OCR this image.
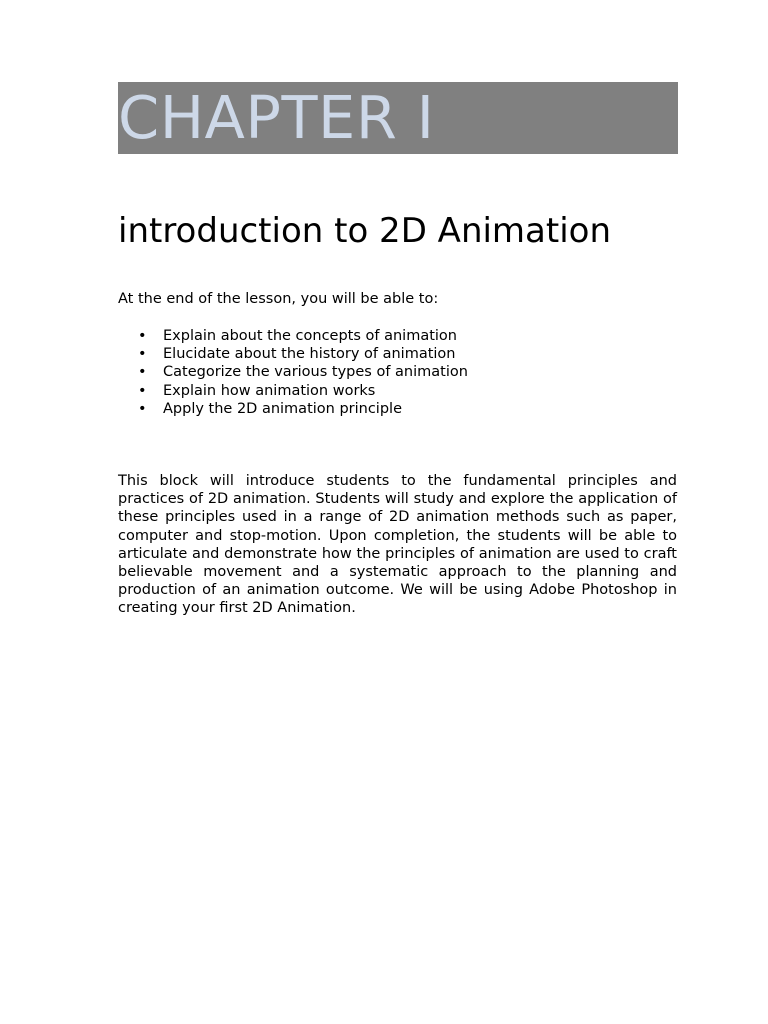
CHAPTER I
introduction to 2D Animation

At the end of the lesson, you will be able to:

• Explain about the concepts of animation
• Elucidate about the history of animation
• Categorize the various types of animation
• Explain how animation works
• Apply the 2D animation principle

This block will introduce students to the fundamental principles and practices of 2D animation. Students will study and explore the application of these principles used in a range of 2D animation methods such as paper, computer and stop-motion. Upon completion, the students will be able to articulate and demonstrate how the principles of animation are used to craft believable movement and a systematic approach to the planning and production of an animation outcome. We will be using Adobe Photoshop in creating your first 2D Animation.
